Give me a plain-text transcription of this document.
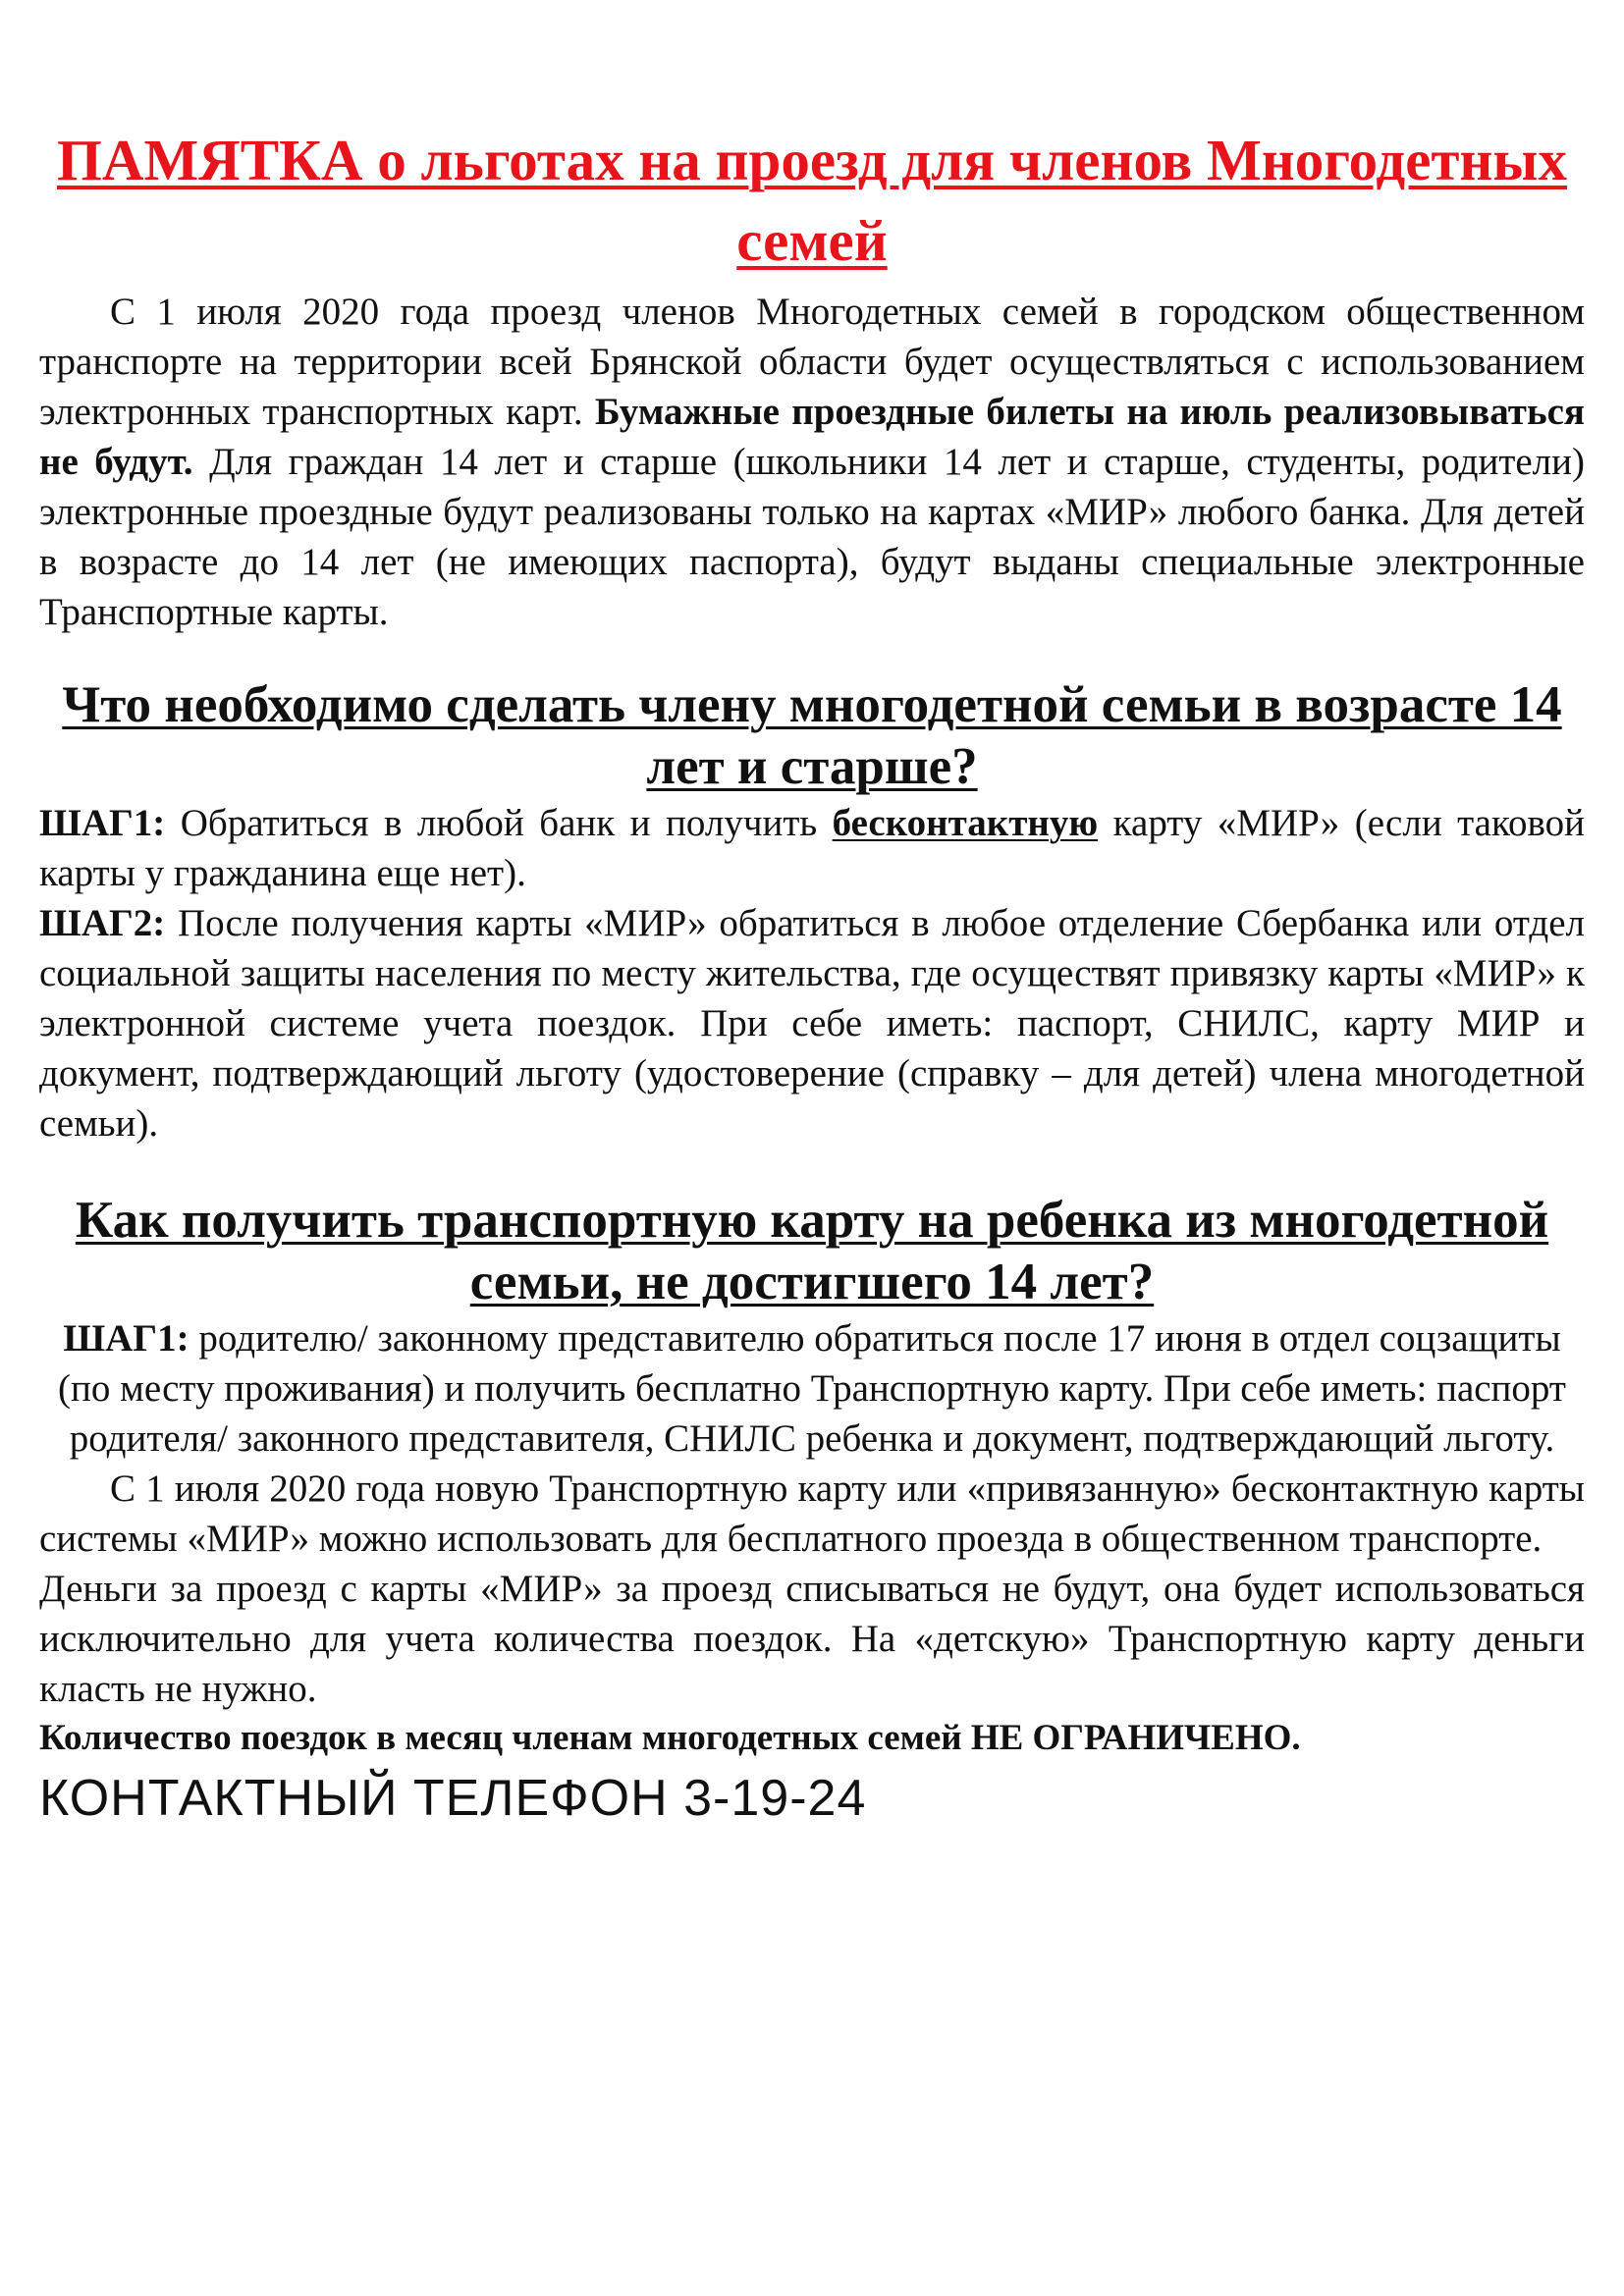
ПАМЯТКА о льготах на проезд для членов Многодетных семей

С 1 июля 2020 года проезд членов Многодетных семей в городском общественном транспорте на территории всей Брянской области будет осуществляться с использованием электронных транспортных карт. Бумажные проездные билеты на июль реализовываться не будут. Для граждан 14 лет и старше (школьники 14 лет и старше, студенты, родители) электронные проездные будут реализованы только на картах «МИР» любого банка. Для детей в возрасте до 14 лет (не имеющих паспорта), будут выданы специальные электронные Транспортные карты.

Что необходимо сделать члену многодетной семьи в возрасте 14 лет и старше?

ШАГ1: Обратиться в любой банк и получить бесконтактную карту «МИР» (если таковой карты у гражданина еще нет).

ШАГ2: После получения карты «МИР» обратиться в любое отделение Сбербанка или отдел социальной защиты населения по месту жительства, где осуществят привязку карты «МИР» к электронной системе учета поездок. При себе иметь: паспорт, СНИЛС, карту МИР и документ, подтверждающий льготу (удостоверение (справку – для детей) члена многодетной семьи).

Как получить транспортную карту на ребенка из многодетной семьи, не достигшего 14 лет?

ШАГ1: родителю/ законному представителю обратиться после 17 июня в отдел соцзащиты (по месту проживания) и получить бесплатно Транспортную карту. При себе иметь: паспорт родителя/ законного представителя, СНИЛС ребенка и документ, подтверждающий льготу.

С 1 июля 2020 года новую Транспортную карту или «привязанную» бесконтактную карты системы «МИР» можно использовать для бесплатного проезда в общественном транспорте.

Деньги за проезд с карты «МИР» за проезд списываться не будут, она будет использоваться исключительно для учета количества поездок. На «детскую» Транспортную карту деньги класть не нужно.

Количество поездок в месяц членам многодетных семей НЕ ОГРАНИЧЕНО.

КОНТАКТНЫЙ ТЕЛЕФОН 3-19-24
